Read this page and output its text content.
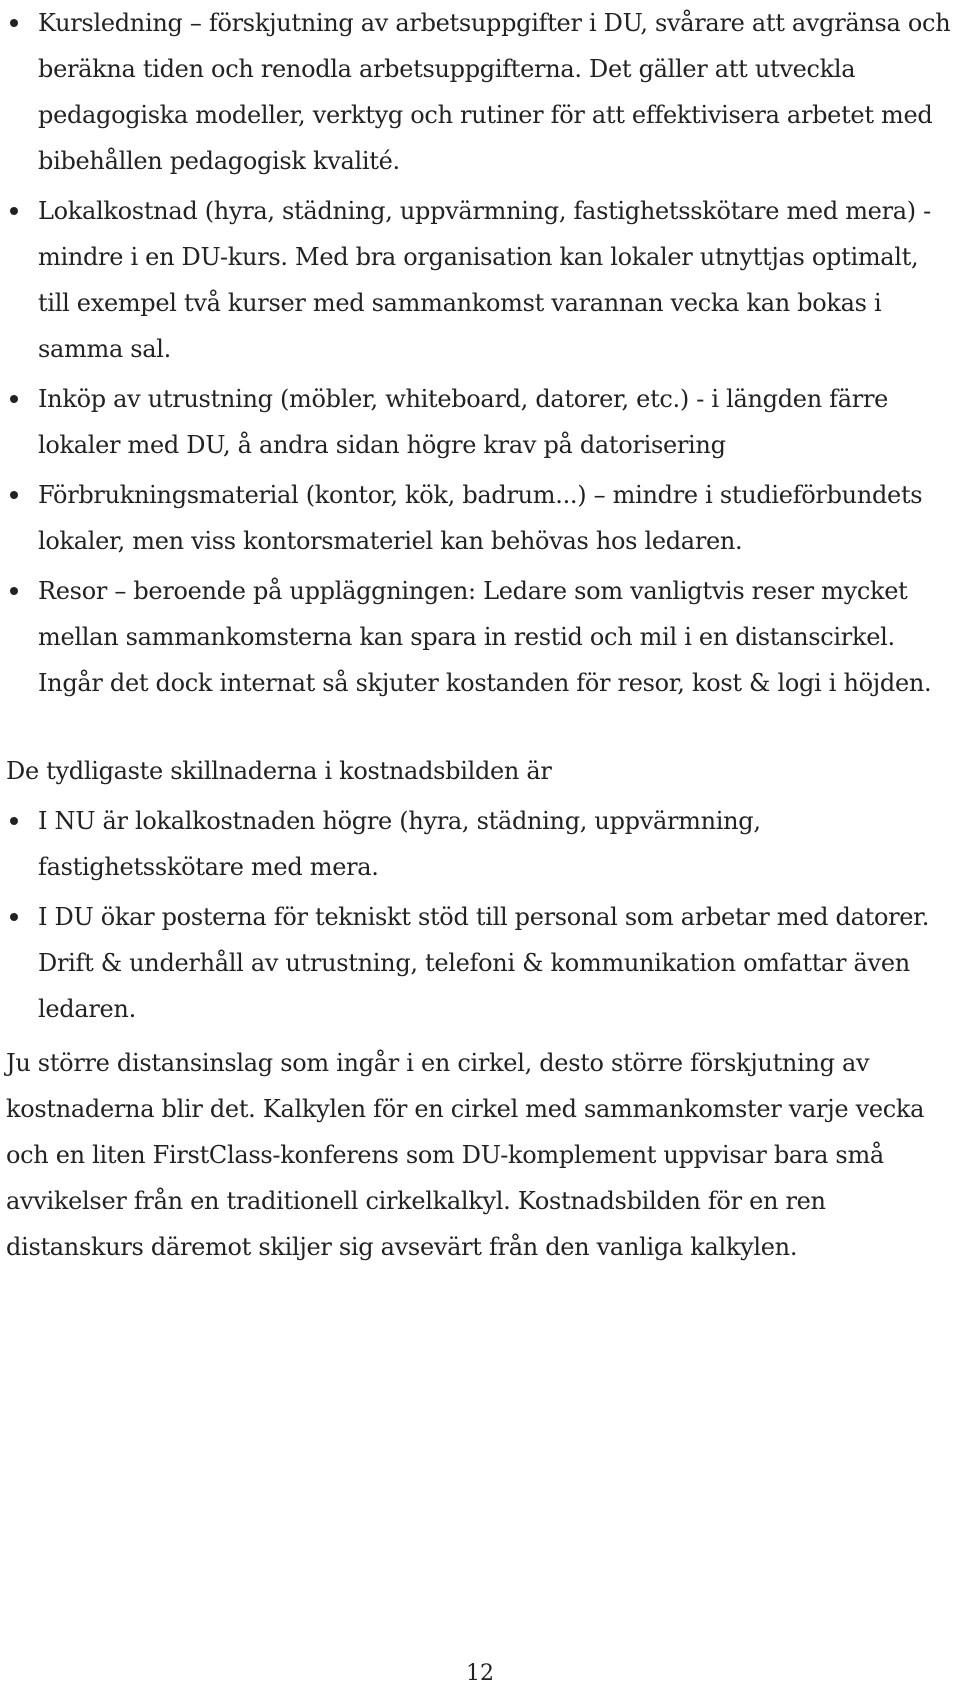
Kursledning – förskjutning av arbetsuppgifter i DU, svårare att avgränsa och beräkna tiden och renodla arbetsuppgifterna. Det gäller att utveckla pedagogiska modeller, verktyg och rutiner för att effektivisera arbetet med bibehållen pedagogisk kvalité.
Lokalkostnad (hyra, städning, uppvärmning, fastighetsskötare med mera) - mindre i en DU-kurs. Med bra organisation kan lokaler utnyttjas optimalt, till exempel två kurser med sammankomst varannan vecka kan bokas i samma sal.
Inköp av utrustning (möbler, whiteboard, datorer, etc.) - i längden färre lokaler med DU, å andra sidan högre krav på datorisering
Förbrukningsmaterial (kontor, kök, badrum...) – mindre i studieförbundets lokaler, men viss kontorsmateriel kan behövas hos ledaren.
Resor – beroende på uppläggningen: Ledare som vanligtvis reser mycket mellan sammankomsterna kan spara in restid och mil i en distanscirkel. Ingår det dock internat så skjuter kostanden för resor, kost & logi i höjden.

De tydligaste skillnaderna i kostnadsbilden är

I NU är lokalkostnaden högre (hyra, städning, uppvärmning, fastighetsskötare med mera.
I DU ökar posterna för tekniskt stöd till personal som arbetar med datorer. Drift & underhåll av utrustning, telefoni & kommunikation omfattar även ledaren.

Ju större distansinslag som ingår i en cirkel, desto större förskjutning av kostnaderna blir det. Kalkylen för en cirkel med sammankomster varje vecka och en liten FirstClass-konferens som DU-komplement uppvisar bara små avvikelser från en traditionell cirkelkalkyl. Kostnadsbilden för en ren distanskurs däremot skiljer sig avsevärt från den vanliga kalkylen.

12
